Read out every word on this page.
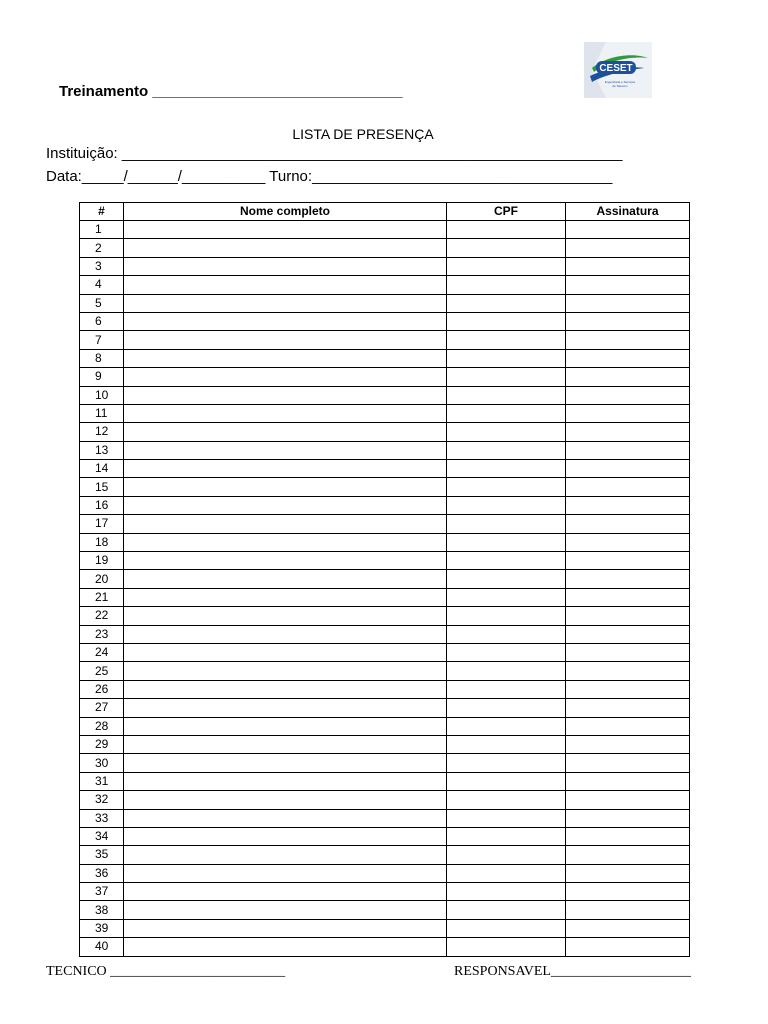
CESET
Engenharia e Serviços
de Telecom
Treinamento ______________________________
LISTA DE PRESENÇA
Instituição: ____________________________________________________________
Data:_____/______/__________ Turno:____________________________________
#	Nome completo	CPF	Assinatura
1			
2			
3			
4			
5			
6			
7			
8			
9			
10			
11			
12			
13			
14			
15			
16			
17			
18			
19			
20			
21			
22			
23			
24			
25			
26			
27			
28			
29			
30			
31			
32			
33			
34			
35			
36			
37			
38			
39			
40			
TECNICO _________________________	RESPONSAVEL____________________
